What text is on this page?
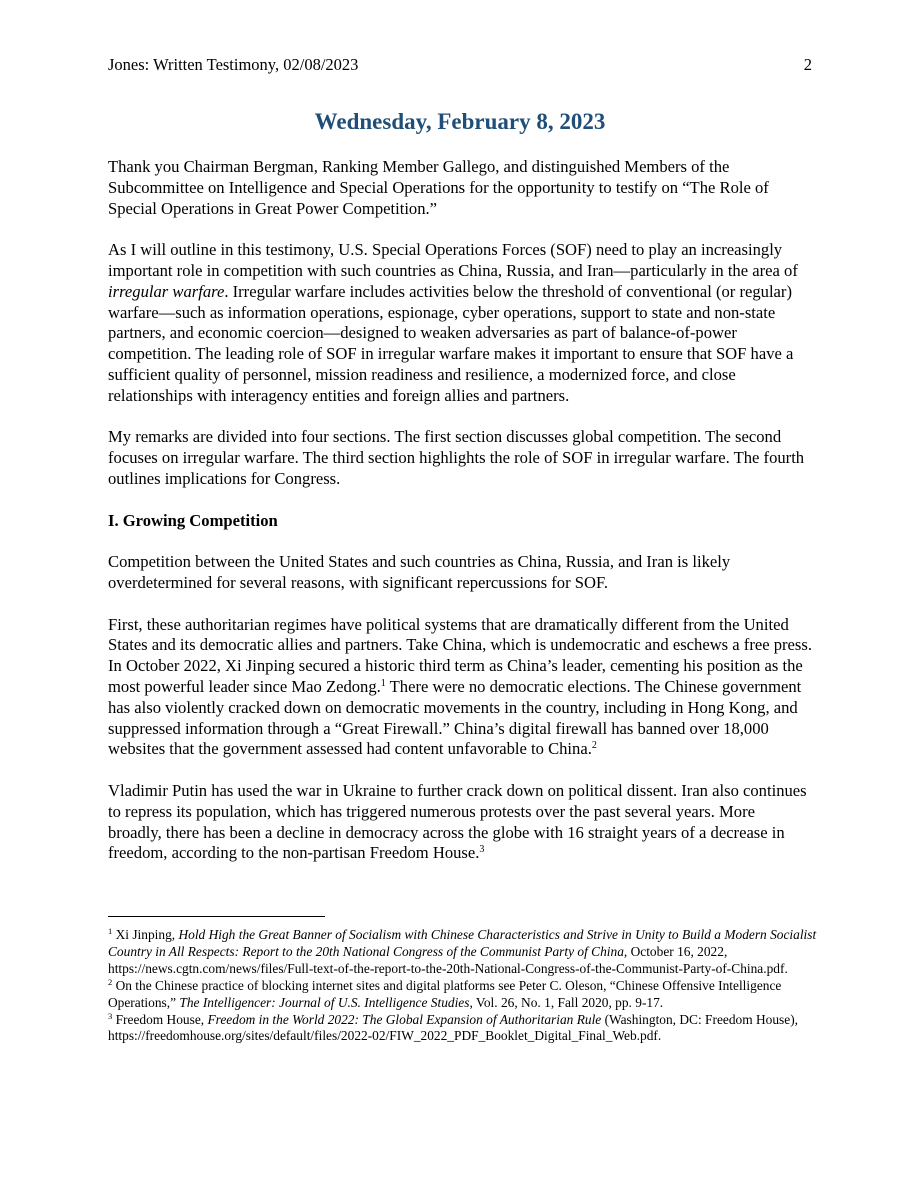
Jones: Written Testimony, 02/08/2023	2
Wednesday, February 8, 2023

Thank you Chairman Bergman, Ranking Member Gallego, and distinguished Members of the Subcommittee on Intelligence and Special Operations for the opportunity to testify on “The Role of Special Operations in Great Power Competition.”

As I will outline in this testimony, U.S. Special Operations Forces (SOF) need to play an increasingly important role in competition with such countries as China, Russia, and Iran—particularly in the area of irregular warfare. Irregular warfare includes activities below the threshold of conventional (or regular) warfare—such as information operations, espionage, cyber operations, support to state and non-state partners, and economic coercion—designed to weaken adversaries as part of balance-of-power competition. The leading role of SOF in irregular warfare makes it important to ensure that SOF have a sufficient quality of personnel, mission readiness and resilience, a modernized force, and close relationships with interagency entities and foreign allies and partners.

My remarks are divided into four sections. The first section discusses global competition. The second focuses on irregular warfare. The third section highlights the role of SOF in irregular warfare. The fourth outlines implications for Congress.

I. Growing Competition

Competition between the United States and such countries as China, Russia, and Iran is likely overdetermined for several reasons, with significant repercussions for SOF.

First, these authoritarian regimes have political systems that are dramatically different from the United States and its democratic allies and partners. Take China, which is undemocratic and eschews a free press. In October 2022, Xi Jinping secured a historic third term as China’s leader, cementing his position as the most powerful leader since Mao Zedong.$^1$ There were no democratic elections. The Chinese government has also violently cracked down on democratic movements in the country, including in Hong Kong, and suppressed information through a “Great Firewall.” China’s digital firewall has banned over 18,000 websites that the government assessed had content unfavorable to China.$^2$

Vladimir Putin has used the war in Ukraine to further crack down on political dissent. Iran also continues to repress its population, which has triggered numerous protests over the past several years. More broadly, there has been a decline in democracy across the globe with 16 straight years of a decrease in freedom, according to the non-partisan Freedom House.$^3$

$^1$ Xi Jinping, Hold High the Great Banner of Socialism with Chinese Characteristics and Strive in Unity to Build a Modern Socialist Country in All Respects: Report to the 20th National Congress of the Communist Party of China, October 16, 2022, https://news.cgtn.com/news/files/Full-text-of-the-report-to-the-20th-National-Congress-of-the-Communist-Party-of-China.pdf.

$^2$ On the Chinese practice of blocking internet sites and digital platforms see Peter C. Oleson, “Chinese Offensive Intelligence Operations,” The Intelligencer: Journal of U.S. Intelligence Studies, Vol. 26, No. 1, Fall 2020, pp. 9-17.

$^3$ Freedom House, Freedom in the World 2022: The Global Expansion of Authoritarian Rule (Washington, DC: Freedom House), https://freedomhouse.org/sites/default/files/2022-02/FIW_2022_PDF_Booklet_Digital_Final_Web.pdf.
